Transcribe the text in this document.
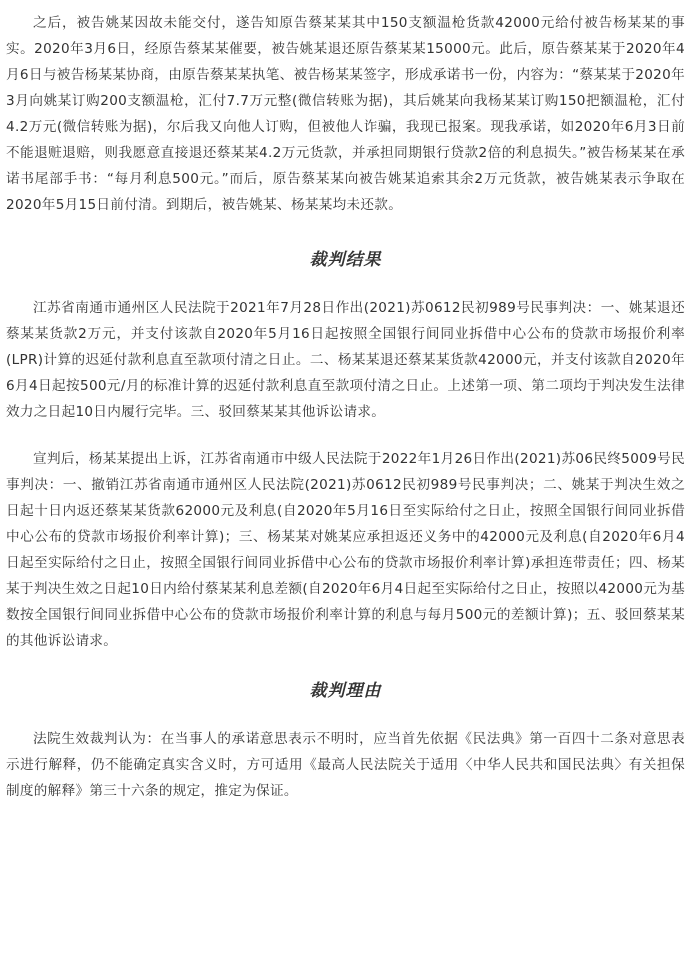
之后，被告姚某因故未能交付，遂告知原告蔡某某其中150支额温枪货款42000元给付被告杨某某的事实。2020年3月6日，经原告蔡某某催要，被告姚某退还原告蔡某某15000元。此后，原告蔡某某于2020年4月6日与被告杨某某协商，由原告蔡某某执笔、被告杨某某签字，形成承诺书一份，内容为：“蔡某某于2020年3月向姚某订购200支额温枪，汇付7.7万元整(微信转账为据)，其后姚某向我杨某某订购150把额温枪，汇付4.2万元(微信转账为据)，尔后我又向他人订购，但被他人诈骗，我现已报案。现我承诺，如2020年6月3日前不能退赃退赔，则我愿意直接退还蔡某某4.2万元货款，并承担同期银行贷款2倍的利息损失。”被告杨某某在承诺书尾部手书：“每月利息500元。”而后，原告蔡某某向被告姚某追索其余2万元货款，被告姚某表示争取在2020年5月15日前付清。到期后，被告姚某、杨某某均未还款。

裁判结果

江苏省南通市通州区人民法院于2021年7月28日作出(2021)苏0612民初989号民事判决：一、姚某退还蔡某某货款2万元，并支付该款自2020年5月16日起按照全国银行间同业拆借中心公布的贷款市场报价利率(LPR)计算的迟延付款利息直至款项付清之日止。二、杨某某退还蔡某某货款42000元，并支付该款自2020年6月4日起按500元/月的标准计算的迟延付款利息直至款项付清之日止。上述第一项、第二项均于判决发生法律效力之日起10日内履行完毕。三、驳回蔡某某其他诉讼请求。

宣判后，杨某某提出上诉，江苏省南通市中级人民法院于2022年1月26日作出(2021)苏06民终5009号民事判决：一、撤销江苏省南通市通州区人民法院(2021)苏0612民初989号民事判决；二、姚某于判决生效之日起十日内返还蔡某某货款62000元及利息(自2020年5月16日至实际给付之日止，按照全国银行间同业拆借中心公布的贷款市场报价利率计算)；三、杨某某对姚某应承担返还义务中的42000元及利息(自2020年6月4日起至实际给付之日止，按照全国银行间同业拆借中心公布的贷款市场报价利率计算)承担连带责任；四、杨某某于判决生效之日起10日内给付蔡某某利息差额(自2020年6月4日起至实际给付之日止，按照以42000元为基数按全国银行间同业拆借中心公布的贷款市场报价利率计算的利息与每月500元的差额计算)；五、驳回蔡某某的其他诉讼请求。

裁判理由

法院生效裁判认为：在当事人的承诺意思表示不明时，应当首先依据《民法典》第一百四十二条对意思表示进行解释，仍不能确定真实含义时，方可适用《最高人民法院关于适用〈中华人民共和国民法典〉有关担保制度的解释》第三十六条的规定，推定为保证。
